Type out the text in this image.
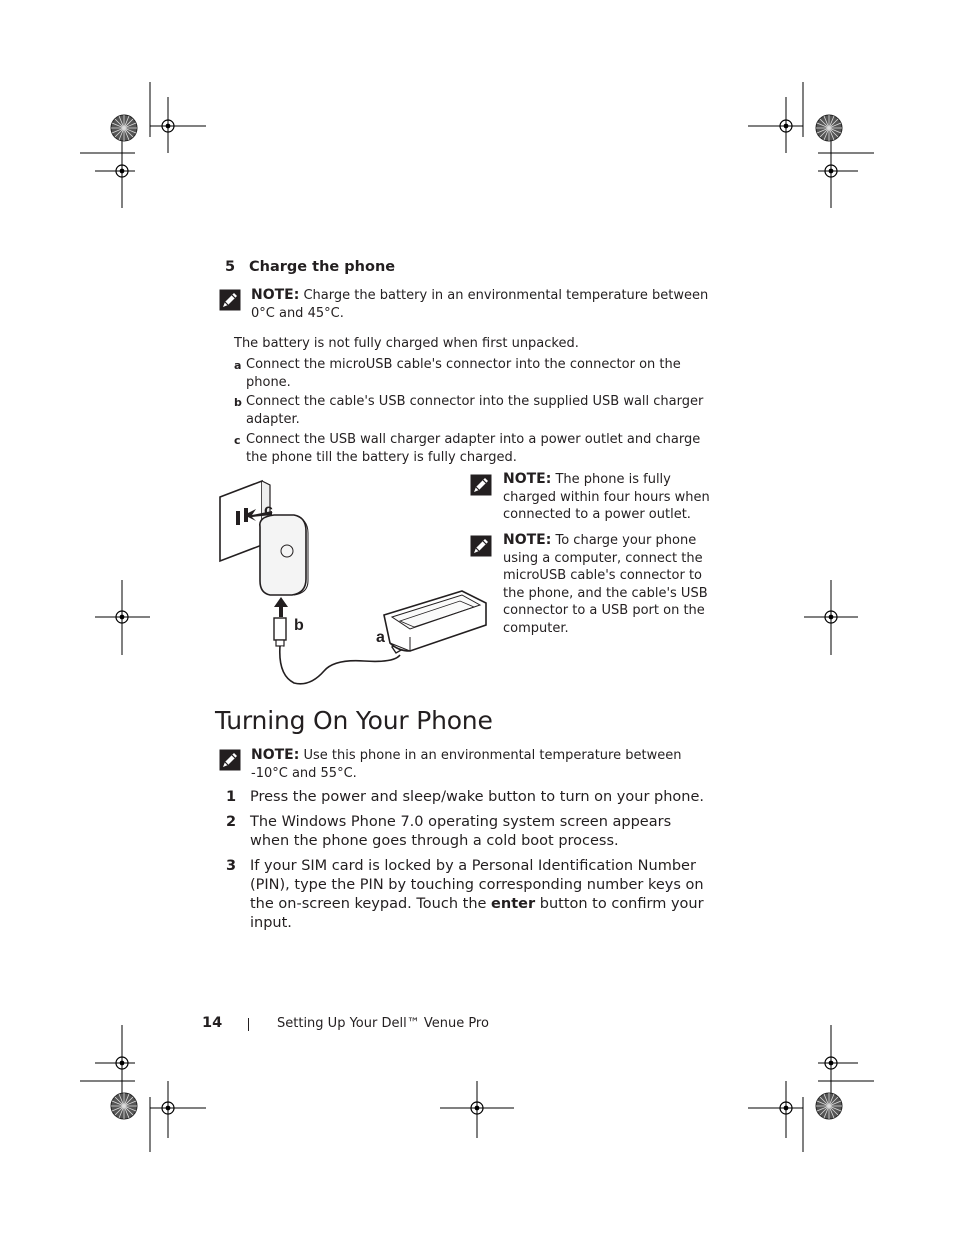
5 Charge the phone
NOTE: Charge the battery in an environmental temperature between 0°C and 45°C.
The battery is not fully charged when first unpacked.
a Connect the microUSB cable's connector into the connector on the phone.
b Connect the cable's USB connector into the supplied USB wall charger adapter.
c Connect the USB wall charger adapter into a power outlet and charge the phone till the battery is fully charged.
c
b
a
NOTE: The phone is fully charged within four hours when connected to a power outlet.
NOTE: To charge your phone using a computer, connect the microUSB cable's connector to the phone, and the cable's USB connector to a USB port on the computer.
Turning On Your Phone
NOTE: Use this phone in an environmental temperature between -10°C and 55°C.
1 Press the power and sleep/wake button to turn on your phone.
2 The Windows Phone 7.0 operating system screen appears when the phone goes through a cold boot process.
3 If your SIM card is locked by a Personal Identification Number (PIN), type the PIN by touching corresponding number keys on the on-screen keypad. Touch the enter button to confirm your input.
14	Setting Up Your Dell™ Venue Pro
